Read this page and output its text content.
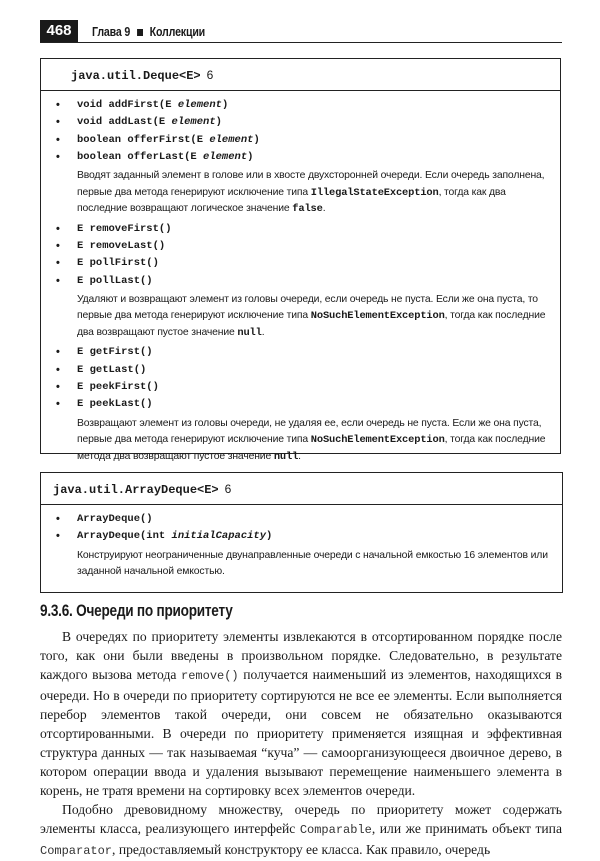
468	Глава 9 Коллекции
java.util.Deque<E> 6
• void addFirst(E element)
• void addLast(E element)
• boolean offerFirst(E element)
• boolean offerLast(E element)
Вводят заданный элемент в голове или в хвосте двухсторонней очереди. Если очередь заполнена, первые два метода генерируют исключение типа IllegalStateException, тогда как два последние возвращают логическое значение false.
• E removeFirst()
• E removeLast()
• E pollFirst()
• E pollLast()
Удаляют и возвращают элемент из головы очереди, если очередь не пуста. Если же она пуста, то первые два метода генерируют исключение типа NoSuchElementException, тогда как последние два возвращают пустое значение null.
• E getFirst()
• E getLast()
• E peekFirst()
• E peekLast()
Возвращают элемент из головы очереди, не удаляя ее, если очередь не пуста. Если же она пуста, первые два метода генерируют исключение типа NoSuchElementException, тогда как последние метода два возвращают пустое значение null.
java.util.ArrayDeque<E> 6
• ArrayDeque()
• ArrayDeque(int initialCapacity)
Конструируют неограниченные двунаправленные очереди с начальной емкостью 16 элементов или заданной начальной емкостью.
9.3.6. Очереди по приоритету

В очередях по приоритету элементы извлекаются в отсортированном порядке после того, как они были введены в произвольном порядке. Следовательно, в результате каждого вызова метода remove() получается наименьший из элементов, находящихся в очереди. Но в очереди по приоритету сортируются не все ее элементы. Если выполняется перебор элементов такой очереди, они совсем не обязательно оказываются отсортированными. В очереди по приоритету применяется изящная и эффективная структура данных — так называемая “куча” — самоорганизующееся двоичное дерево, в котором операции ввода и удаления вызывают перемещение наименьшего элемента в корень, не тратя времени на сортировку всех элементов очереди.

Подобно древовидному множеству, очередь по приоритету может содержать элементы класса, реализующего интерфейс Comparable, или же принимать объект типа Comparator, предоставляемый конструктору ее класса. Как правило, очередь
